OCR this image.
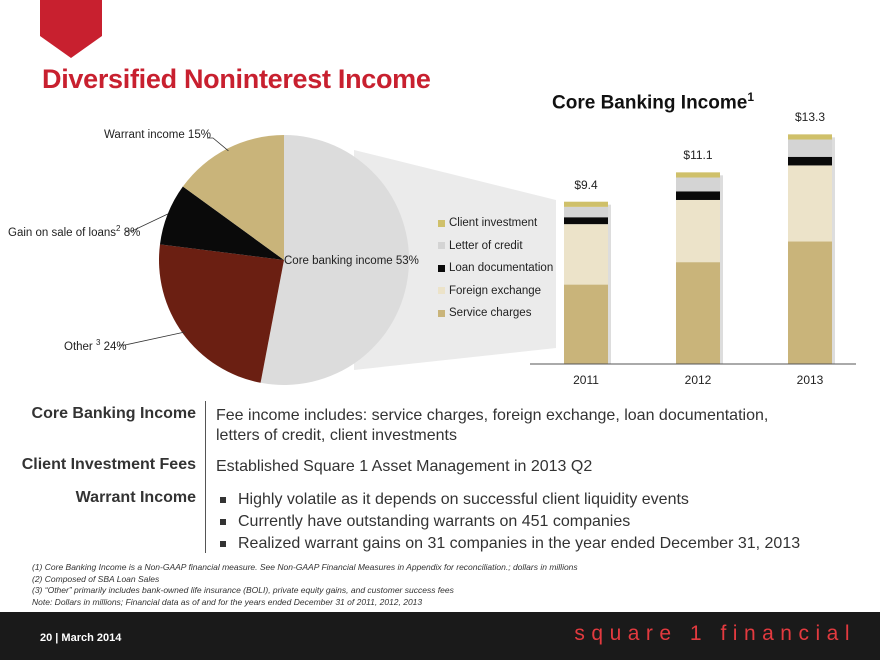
Diversified Noninterest Income
Core Banking Income$^1$
Warrant income 15%
Gain on sale of loans$^2$ 8%
Other $^3$ 24%
Core banking income 53%
Client investment
Letter of credit
Loan documentation
Foreign exchange
Service charges
$9.4
2011
$11.1
2012
$13.3
2013
Core Banking Income Fee income includes: service charges, foreign exchange, loan documentation, letters of credit, client investments
Client Investment Fees Established Square 1 Asset Management in 2013 Q2
Warrant Income	Highly volatile as it depends on successful client liquidity events
Currently have outstanding warrants on 451 companies
Realized warrant gains on 31 companies in the year ended December 31, 2013
(1) Core Banking Income is a Non-GAAP financial measure. See Non-GAAP Financial Measures in Appendix for reconciliation.; dollars in millions
(2) Composed of SBA Loan Sales
(3) “Other” primarily includes bank-owned life insurance (BOLI), private equity gains, and customer success fees
Note: Dollars in millions; Financial data as of and for the years ended December 31 of 2011, 2012, 2013
20 | March 2014	square 1 financial
